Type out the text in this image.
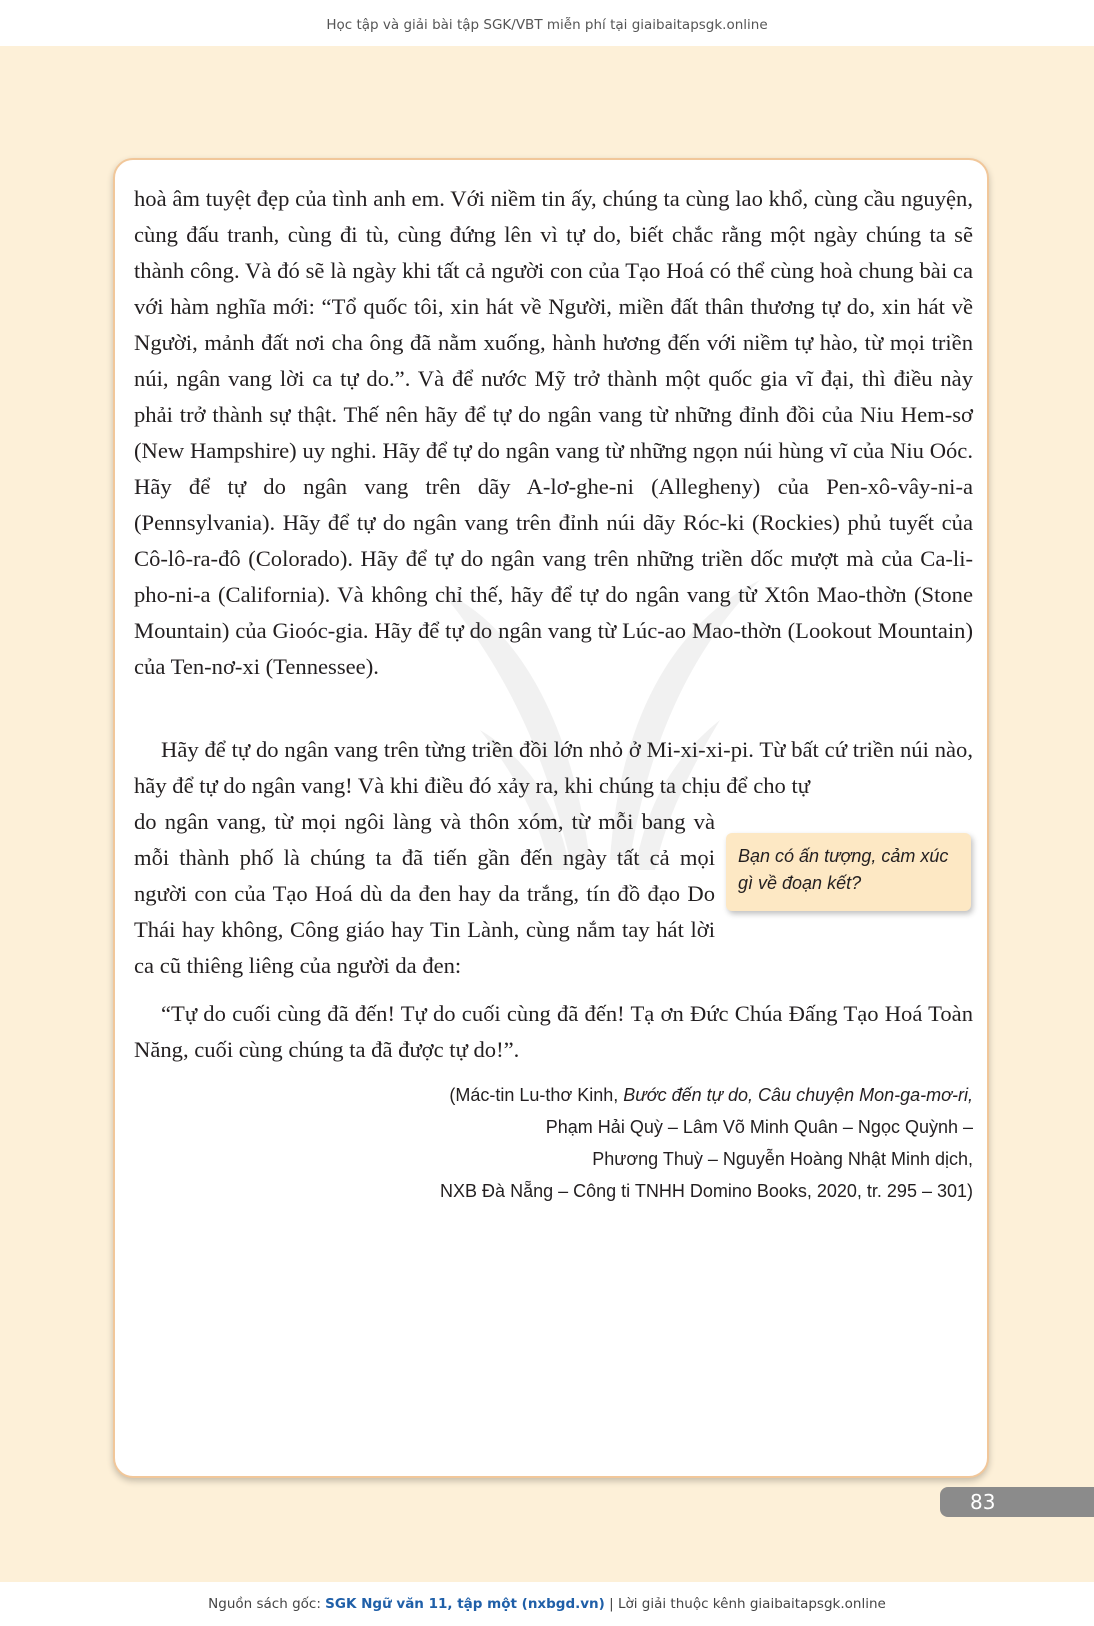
Học tập và giải bài tập SGK/VBT miễn phí tại giaibaitapsgk.online
hoà âm tuyệt đẹp của tình anh em. Với niềm tin ấy, chúng ta cùng lao khổ, cùng cầu nguyện, cùng đấu tranh, cùng đi tù, cùng đứng lên vì tự do, biết chắc rằng một ngày chúng ta sẽ thành công. Và đó sẽ là ngày khi tất cả người con của Tạo Hoá có thể cùng hoà chung bài ca với hàm nghĩa mới: “Tổ quốc tôi, xin hát về Người, miền đất thân thương tự do, xin hát về Người, mảnh đất nơi cha ông đã nằm xuống, hành hương đến với niềm tự hào, từ mọi triền núi, ngân vang lời ca tự do.”. Và để nước Mỹ trở thành một quốc gia vĩ đại, thì điều này phải trở thành sự thật. Thế nên hãy để tự do ngân vang từ những đỉnh đồi của Niu Hem-sơ (New Hampshire) uy nghi. Hãy để tự do ngân vang từ những ngọn núi hùng vĩ của Niu Oóc. Hãy để tự do ngân vang trên dãy A-lơ-ghe-ni (Allegheny) của Pen-xô-vây-ni-a (Pennsylvania). Hãy để tự do ngân vang trên đỉnh núi dãy Róc-ki (Rockies) phủ tuyết của Cô-lô-ra-đô (Colorado). Hãy để tự do ngân vang trên những triền dốc mượt mà của Ca-li-pho-ni-a (California). Và không chỉ thế, hãy để tự do ngân vang từ Xtôn Mao-thờn (Stone Mountain) của Gioóc-gia. Hãy để tự do ngân vang từ Lúc-ao Mao-thờn (Lookout Mountain) của Ten-nơ-xi (Tennessee).
Hãy để tự do ngân vang trên từng triền đồi lớn nhỏ ở Mi-xi-xi-pi. Từ bất cứ triền núi nào, hãy để tự do ngân vang! Và khi điều đó xảy ra, khi chúng ta chịu để cho tự
do ngân vang, từ mọi ngôi làng và thôn xóm, từ mỗi bang và mỗi thành phố là chúng ta đã tiến gần đến ngày tất cả mọi người con của Tạo Hoá dù da đen hay da trắng, tín đồ đạo Do Thái hay không, Công giáo hay Tin Lành, cùng nắm tay hát lời ca cũ thiêng liêng của người da đen:
Bạn có ấn tượng, cảm xúc gì về đoạn kết?
“Tự do cuối cùng đã đến! Tự do cuối cùng đã đến! Tạ ơn Đức Chúa Đấng Tạo Hoá Toàn Năng, cuối cùng chúng ta đã được tự do!”.
(Mác-tin Lu-thơ Kinh, Bước đến tự do, Câu chuyện Mon-ga-mơ-ri,
Phạm Hải Quỳ – Lâm Võ Minh Quân – Ngọc Quỳnh –
Phương Thuỳ – Nguyễn Hoàng Nhật Minh dịch,
NXB Đà Nẵng – Công ti TNHH Domino Books, 2020, tr. 295 – 301)
83
Nguồn sách gốc: SGK Ngữ văn 11, tập một (nxbgd.vn) | Lời giải thuộc kênh giaibaitapsgk.online
